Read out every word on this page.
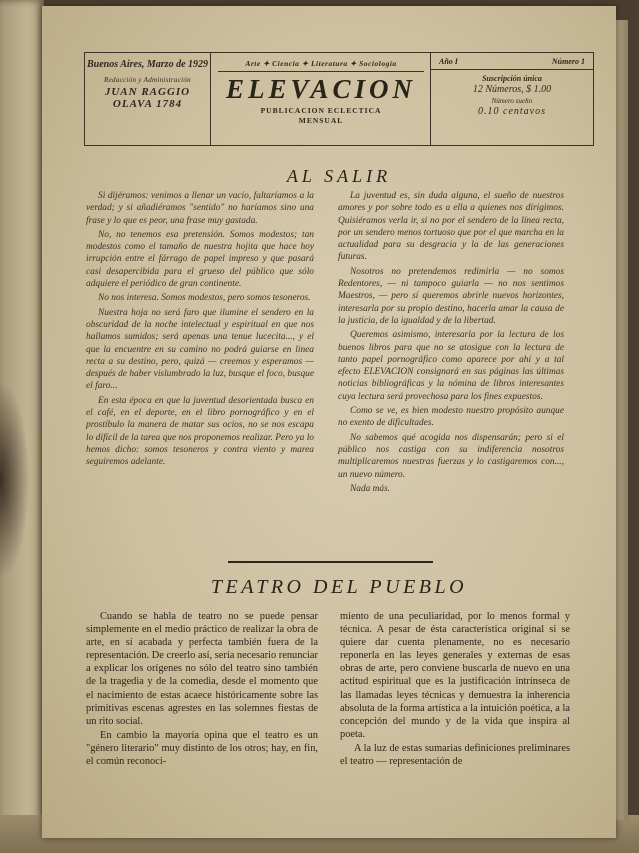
Buenos Aires, Marzo de 1929
Redacción y Administración
JUAN RAGGIO
OLAVA 1784
Arte ✦ Ciencia ✦ Literatura ✦ Sociología
ELEVACION
PUBLICACION ECLECTICA
MENSUAL
Año I	Número 1
Suscripción única
12 Números, $ 1.00
Número suelto
0.10 centavos
AL SALIR

Si dijéramos: venimos a llenar un vacío, faltaríamos a la verdad; y si añadiéramos "sentido" no haríamos sino una frase y lo que es peor, una frase muy gastada.

No, no tenemos esa pretensión. Somos modestos; tan modestos como el tamaño de nuestra hojita que hace hoy irrupción entre el fárrago de papel impreso y que pasará casi desapercibida para el grueso del público que sólo adquiere el periódico de gran continente.

No nos interesa. Somos modestos, pero somos tesoneros.

Nuestra hoja no será faro que ilumine el sendero en la obscuridad de la noche intelectual y espiritual en que nos hallamos sumidos; será apenas una tenue lucecita..., y el que la encuentre en su camino no podrá guiarse en línea recta a su destino, pero, quizá — creemos y esperamos — después de haber vislumbrado la luz, busque el foco, busque el faro...

En esta época en que la juventud desorientada busca en el café, en el deporte, en el libro pornográfico y en el prostíbulo la manera de matar sus ocios, no se nos escapa lo difícil de la tarea que nos proponemos realizar. Pero ya lo hemos dicho: somos tesoneros y contra viento y marea seguiremos adelante.

La juventud es, sin duda alguna, el sueño de nuestros amores y por sobre todo es a ella a quienes nos dirigimos. Quisiéramos verla ir, si no por el sendero de la línea recta, por un sendero menos tortuoso que por el que marcha en la actualidad para su desgracia y la de las generaciones futuras.

Nosotros no pretendemos redimirla — no somos Redentores, — ni tampoco guiarla — no nos sentimos Maestros, — pero sí queremos abrirle nuevos horizontes, interesarla por su propio destino, hacerla amar la causa de la justicia, de la igualdad y de la libertad.

Queremos asimismo, interesarla por la lectura de los buenos libros para que no se atosigue con la lectura de tanto papel pornográfico como aparece por ahí y a tal efecto ELEVACION consignará en sus páginas las últimas noticias bibliográficas y la nómina de libros interesantes cuya lectura será provechosa para los fines expuestos.

Como se ve, es bien modesto nuestro propósito aunque no exento de dificultades.

No sabemos qué acogida nos dispensarán; pero si el público nos castiga con su indiferencia nosotros multiplicaremos nuestras fuerzas y lo castigaremos con..., un nuevo número.

Nada más.

TEATRO DEL PUEBLO

Cuando se habla de teatro no se puede pensar simplemente en el medio práctico de realizar la obra de arte, en sí acabada y perfecta también fuera de la representación. De creerlo así, sería necesario renunciar a explicar los orígenes no sólo del teatro sino también de la tragedia y de la comedia, desde el momento que el nacimiento de estas acaece históricamente sobre las primitivas escenas agrestes en las solemnes fiestas de un rito social.

En cambio la mayoría opina que el teatro es un "género literario" muy distinto de los otros; hay, en fin, el común reconoci-

miento de una peculiaridad, por lo menos formal y técnica. A pesar de ésta característica original si se quiere dar cuenta plenamente, no es necesario reponerla en las leyes generales y externas de esas obras de arte, pero conviene buscarla de nuevo en una actitud espiritual que es la justificación intrínseca de las llamadas leyes técnicas y demuestra la inherencia absoluta de la forma artística a la intuición poética, a la concepción del mundo y de la vida que inspira al poeta.

A la luz de estas sumarias definiciones preliminares el teatro — representación de
